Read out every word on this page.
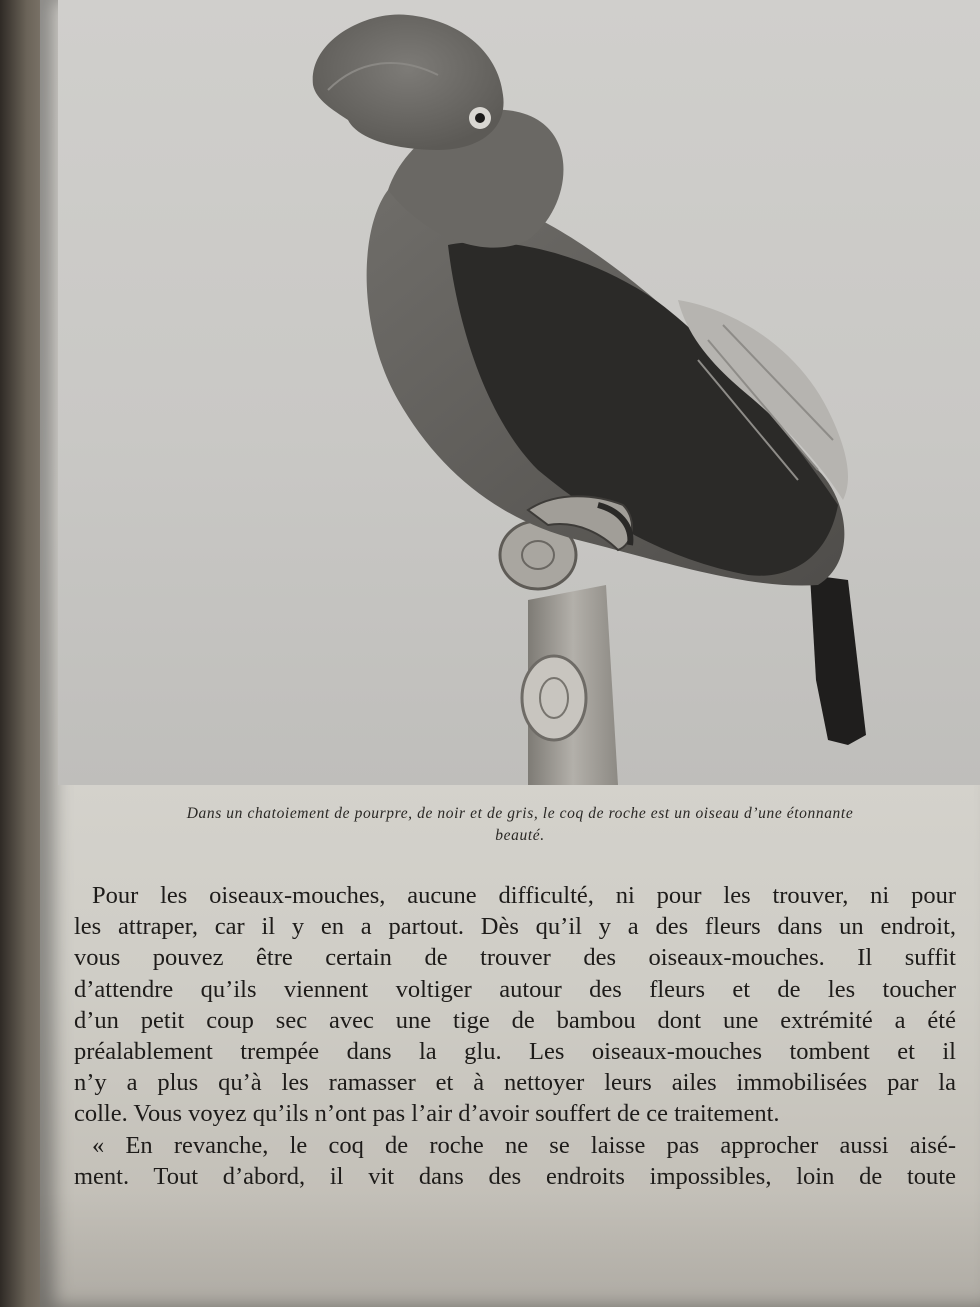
Dans un chatoiement de pourpre, de noir et de gris, le coq de roche est un oiseau d’une étonnante
beauté.
Pour les oiseaux-mouches, aucune difficulté, ni pour les trouver, ni pour
les attraper, car il y en a partout. Dès qu’il y a des fleurs dans un endroit,
vous pouvez être certain de trouver des oiseaux-mouches. Il suffit
d’attendre qu’ils viennent voltiger autour des fleurs et de les toucher
d’un petit coup sec avec une tige de bambou dont une extrémité a été
préalablement trempée dans la glu. Les oiseaux-mouches tombent et il
n’y a plus qu’à les ramasser et à nettoyer leurs ailes immobilisées par la
colle. Vous voyez qu’ils n’ont pas l’air d’avoir souffert de ce traitement.
« En revanche, le coq de roche ne se laisse pas approcher aussi aisé-
ment. Tout d’abord, il vit dans des endroits impossibles, loin de toute
